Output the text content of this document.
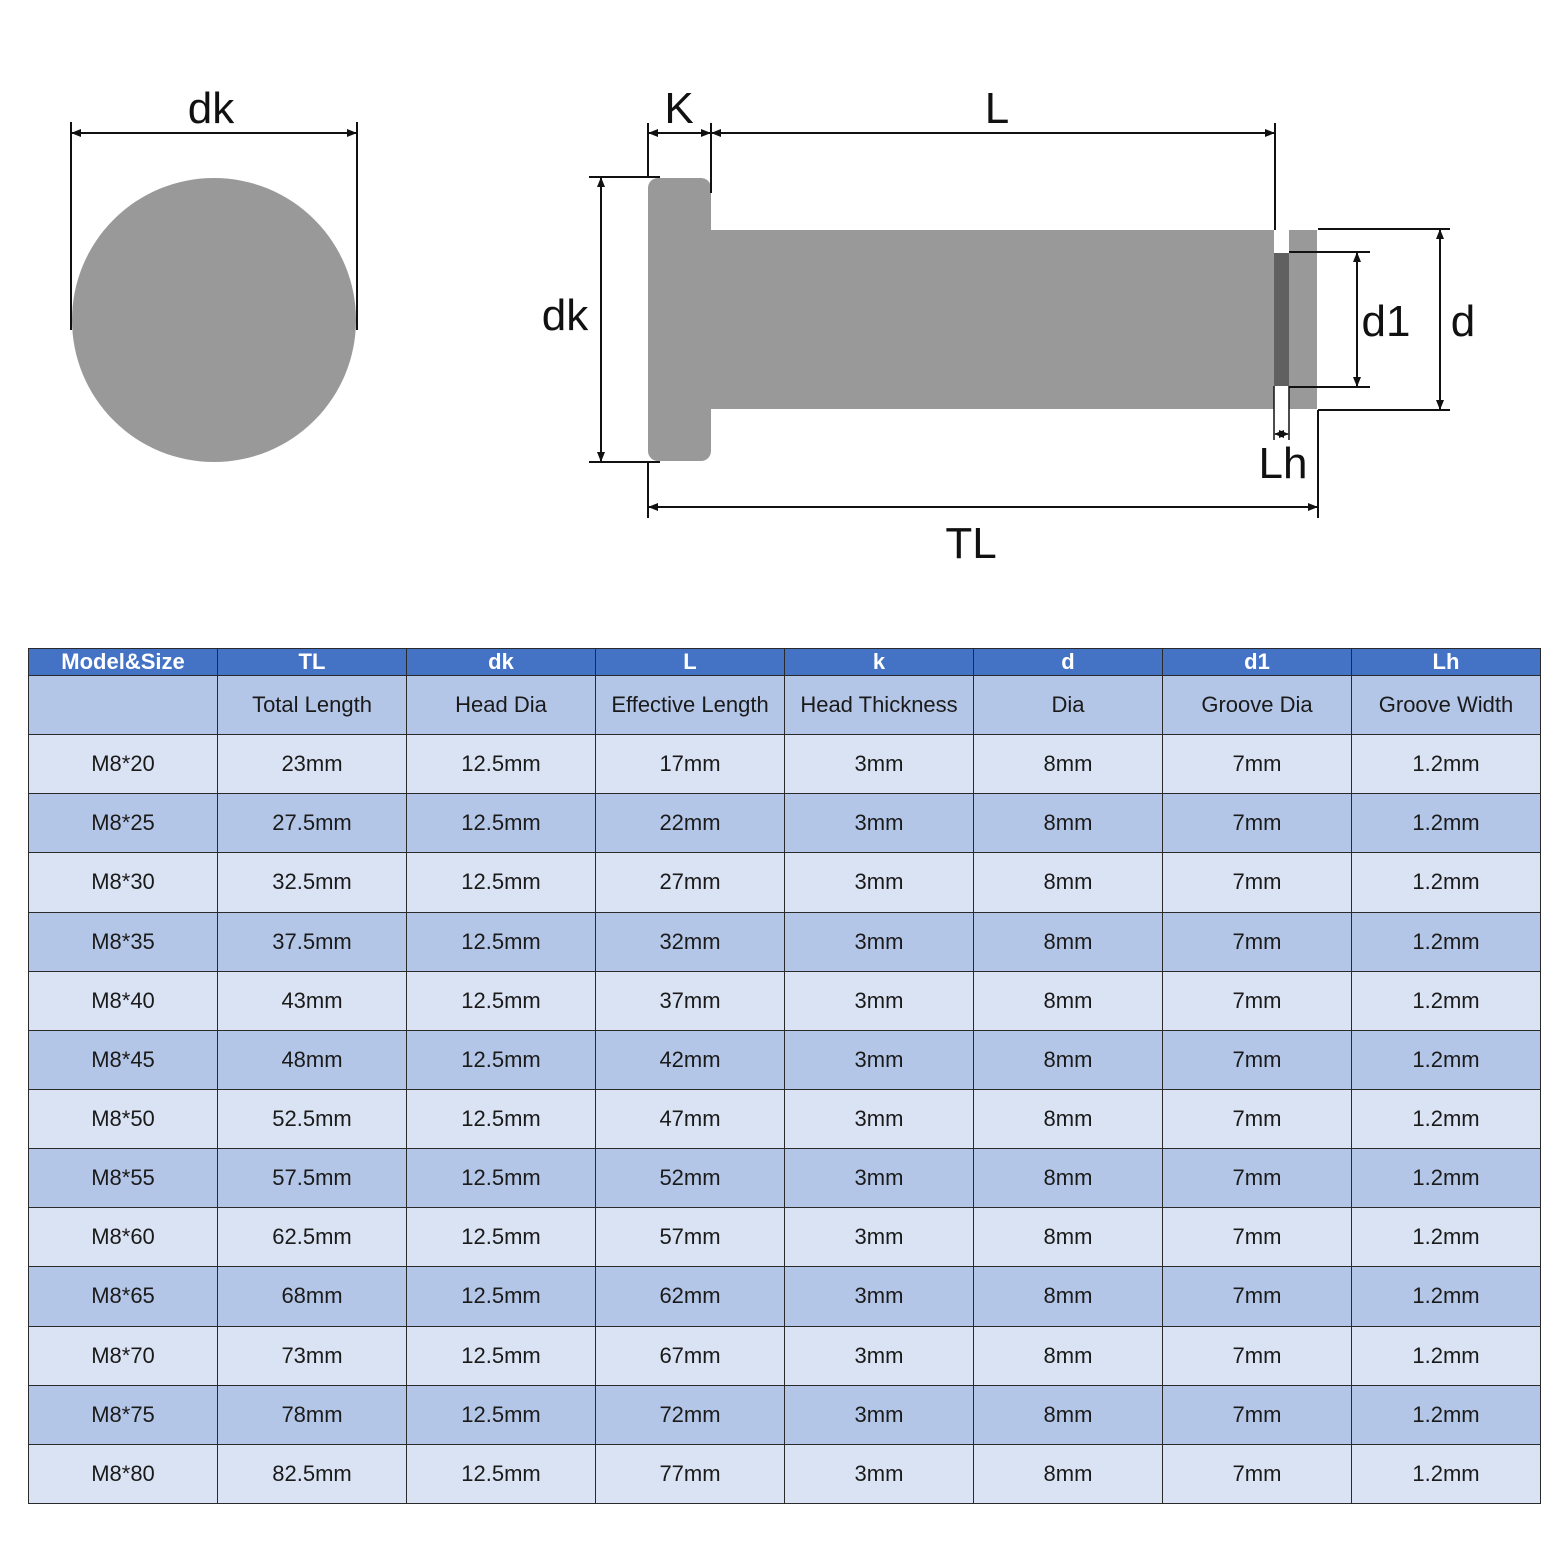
dk	K	L
dk	d1 d
Lh
TL
Model&Size	TL	dk	L	k	d	d1	Lh
	Total Length	Head Dia	Effective Length	Head Thickness	Dia	Groove Dia	Groove Width
M8*20	23mm	12.5mm	17mm	3mm	8mm	7mm	1.2mm
M8*25	27.5mm	12.5mm	22mm	3mm	8mm	7mm	1.2mm
M8*30	32.5mm	12.5mm	27mm	3mm	8mm	7mm	1.2mm
M8*35	37.5mm	12.5mm	32mm	3mm	8mm	7mm	1.2mm
M8*40	43mm	12.5mm	37mm	3mm	8mm	7mm	1.2mm
M8*45	48mm	12.5mm	42mm	3mm	8mm	7mm	1.2mm
M8*50	52.5mm	12.5mm	47mm	3mm	8mm	7mm	1.2mm
M8*55	57.5mm	12.5mm	52mm	3mm	8mm	7mm	1.2mm
M8*60	62.5mm	12.5mm	57mm	3mm	8mm	7mm	1.2mm
M8*65	68mm	12.5mm	62mm	3mm	8mm	7mm	1.2mm
M8*70	73mm	12.5mm	67mm	3mm	8mm	7mm	1.2mm
M8*75	78mm	12.5mm	72mm	3mm	8mm	7mm	1.2mm
M8*80	82.5mm	12.5mm	77mm	3mm	8mm	7mm	1.2mm
